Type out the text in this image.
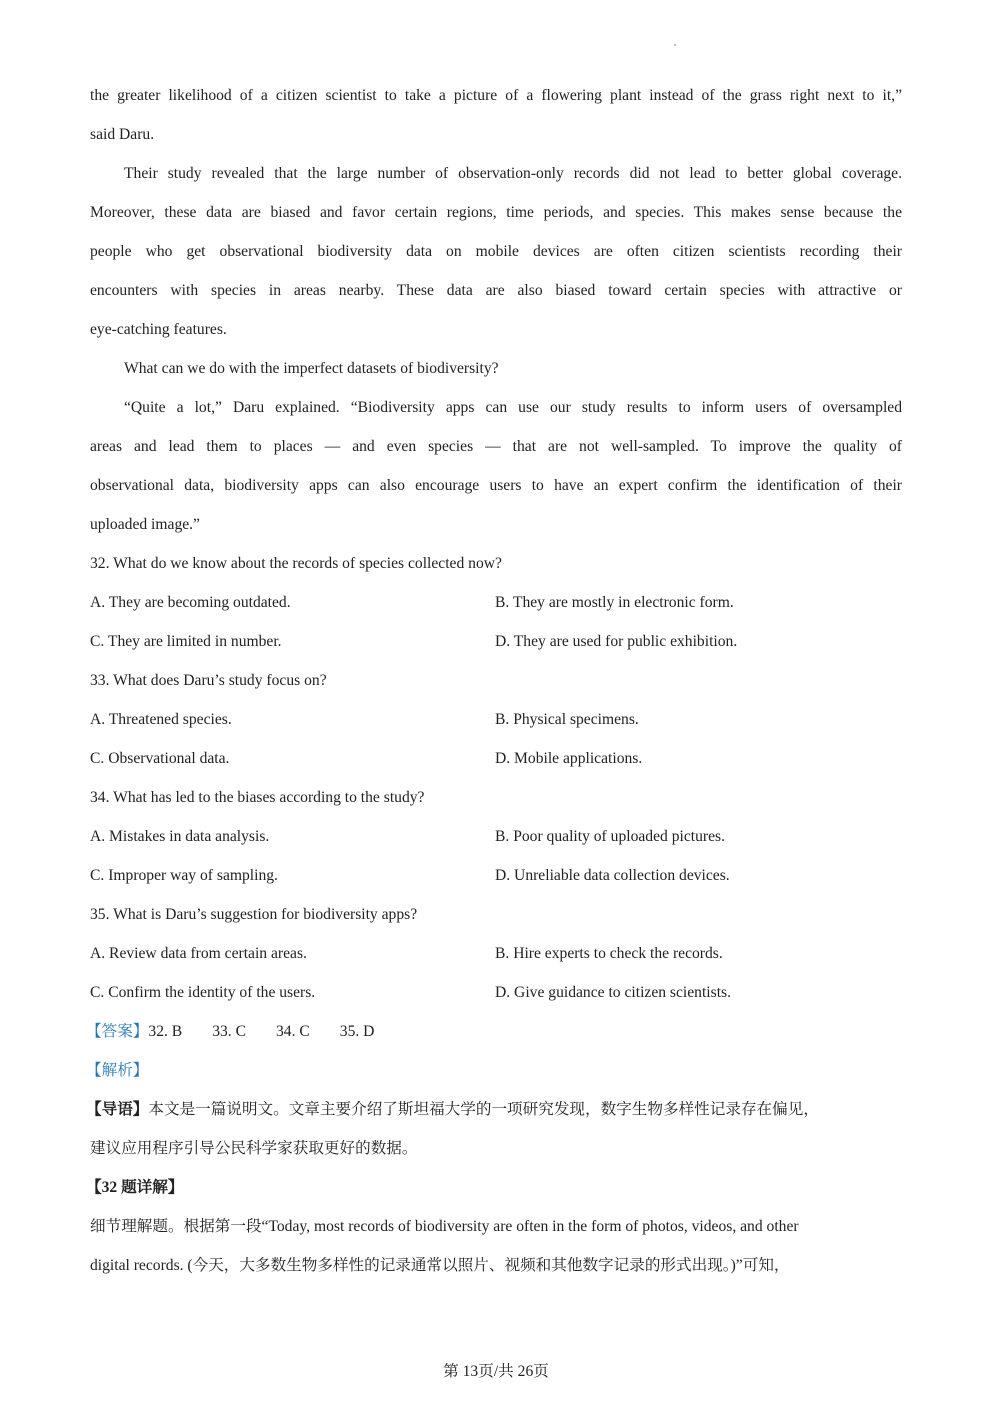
the greater likelihood of a citizen scientist to take a picture of a flowering plant instead of the grass right next to it,”
said Daru.
Their study revealed that the large number of observation-only records did not lead to better global coverage.
Moreover, these data are biased and favor certain regions, time periods, and species. This makes sense because the
people who get observational biodiversity data on mobile devices are often citizen scientists recording their
encounters with species in areas nearby. These data are also biased toward certain species with attractive or
eye-catching features.
What can we do with the imperfect datasets of biodiversity?
“Quite a lot,” Daru explained. “Biodiversity apps can use our study results to inform users of oversampled
areas and lead them to places — and even species — that are not well-sampled. To improve the quality of
observational data, biodiversity apps can also encourage users to have an expert confirm the identification of their
uploaded image.”
32. What do we know about the records of species collected now?
A. They are becoming outdated.	B. They are mostly in electronic form.
C. They are limited in number.	D. They are used for public exhibition.
33. What does Daru’s study focus on?
A. Threatened species.	B. Physical specimens.
C. Observational data.	D. Mobile applications.
34. What has led to the biases according to the study?
A. Mistakes in data analysis.	B. Poor quality of uploaded pictures.
C. Improper way of sampling.	D. Unreliable data collection devices.
35. What is Daru’s suggestion for biodiversity apps?
A. Review data from certain areas.	B. Hire experts to check the records.
C. Confirm the identity of the users.	D. Give guidance to citizen scientists.
【答案】32. B 33. C 34. C 35. D
【解析】
【导语】本文是一篇说明文。文章主要介绍了斯坦福大学的一项研究发现，数字生物多样性记录存在偏见，
建议应用程序引导公民科学家获取更好的数据。
【32 题详解】
细节理解题。根据第一段“Today, most records of biodiversity are often in the form of photos, videos, and other
digital records. (今天，大多数生物多样性的记录通常以照片、视频和其他数字记录的形式出现。)”可知，
第 13页/共 26页
